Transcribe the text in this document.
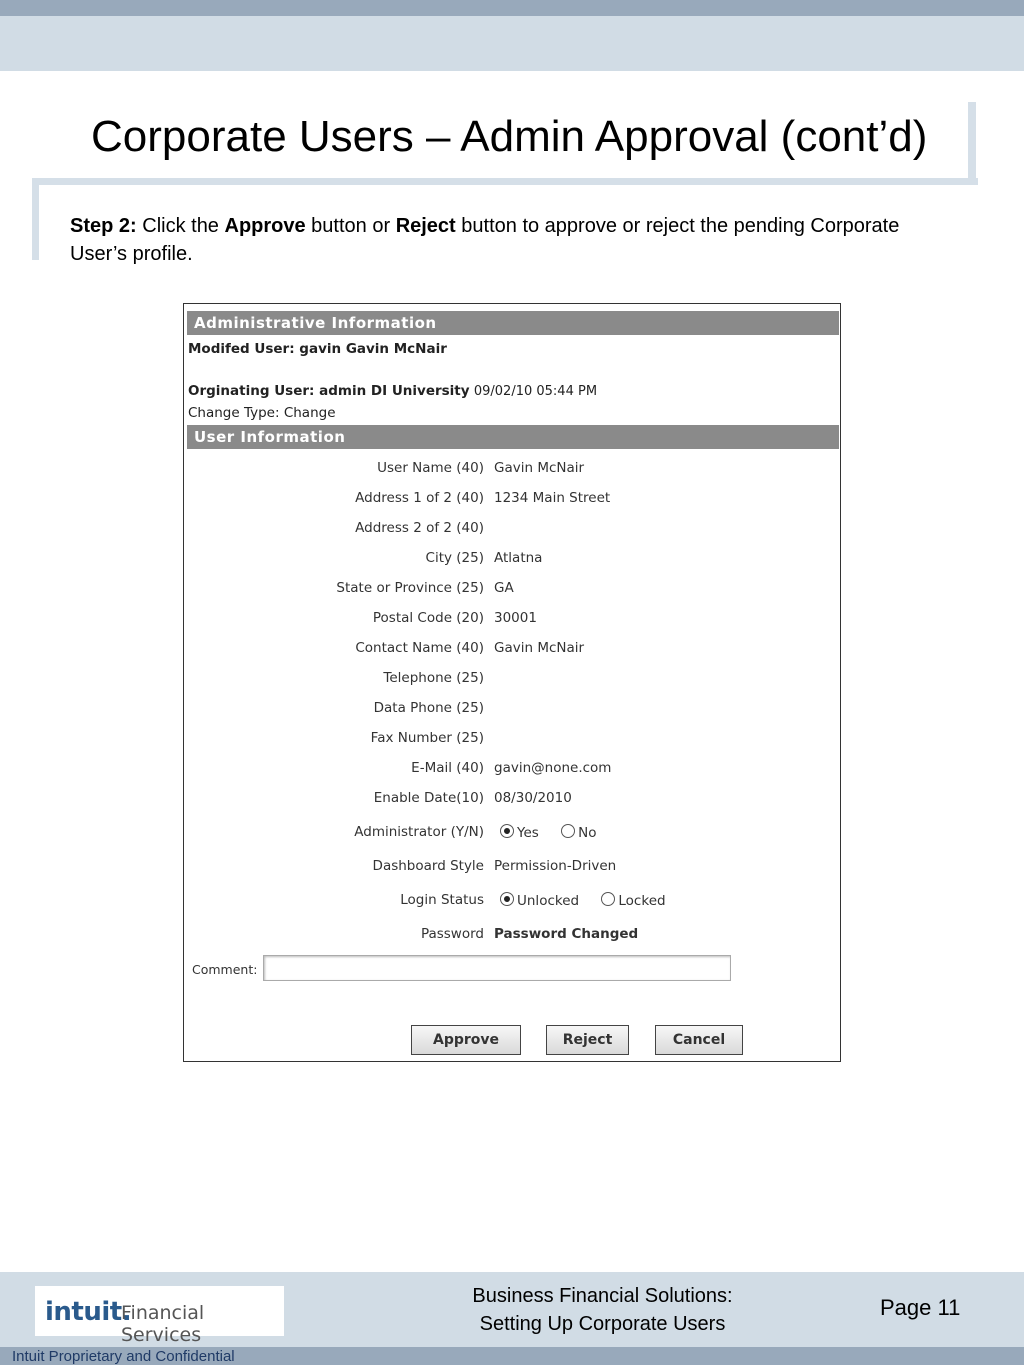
Corporate Users – Admin Approval (cont’d)
Step 2: Click the Approve button or Reject button to approve or reject the pending Corporate User’s profile.
Administrative Information
Modifed User: gavin Gavin McNair
Orginating User: admin DI University 09/02/10 05:44 PM
Change Type: Change
User Information
User Name (40) Gavin McNair
Address 1 of 2 (40) 1234 Main Street
Address 2 of 2 (40)
City (25) Atlatna
State or Province (25) GA
Postal Code (20) 30001
Contact Name (40) Gavin McNair
Telephone (25)
Data Phone (25)
Fax Number (25)
E-Mail (40) gavin@none.com
Enable Date(10) 08/30/2010
Administrator (Y/N)	Yes	No
Dashboard Style Permission-Driven
Login Status	Unlocked	Locked
Password Password Changed
Comment:
Approve	Reject	Cancel
intuit.
Financial Services
Business Financial Solutions:
Setting Up Corporate Users
Page 11
Intuit Proprietary and Confidential
